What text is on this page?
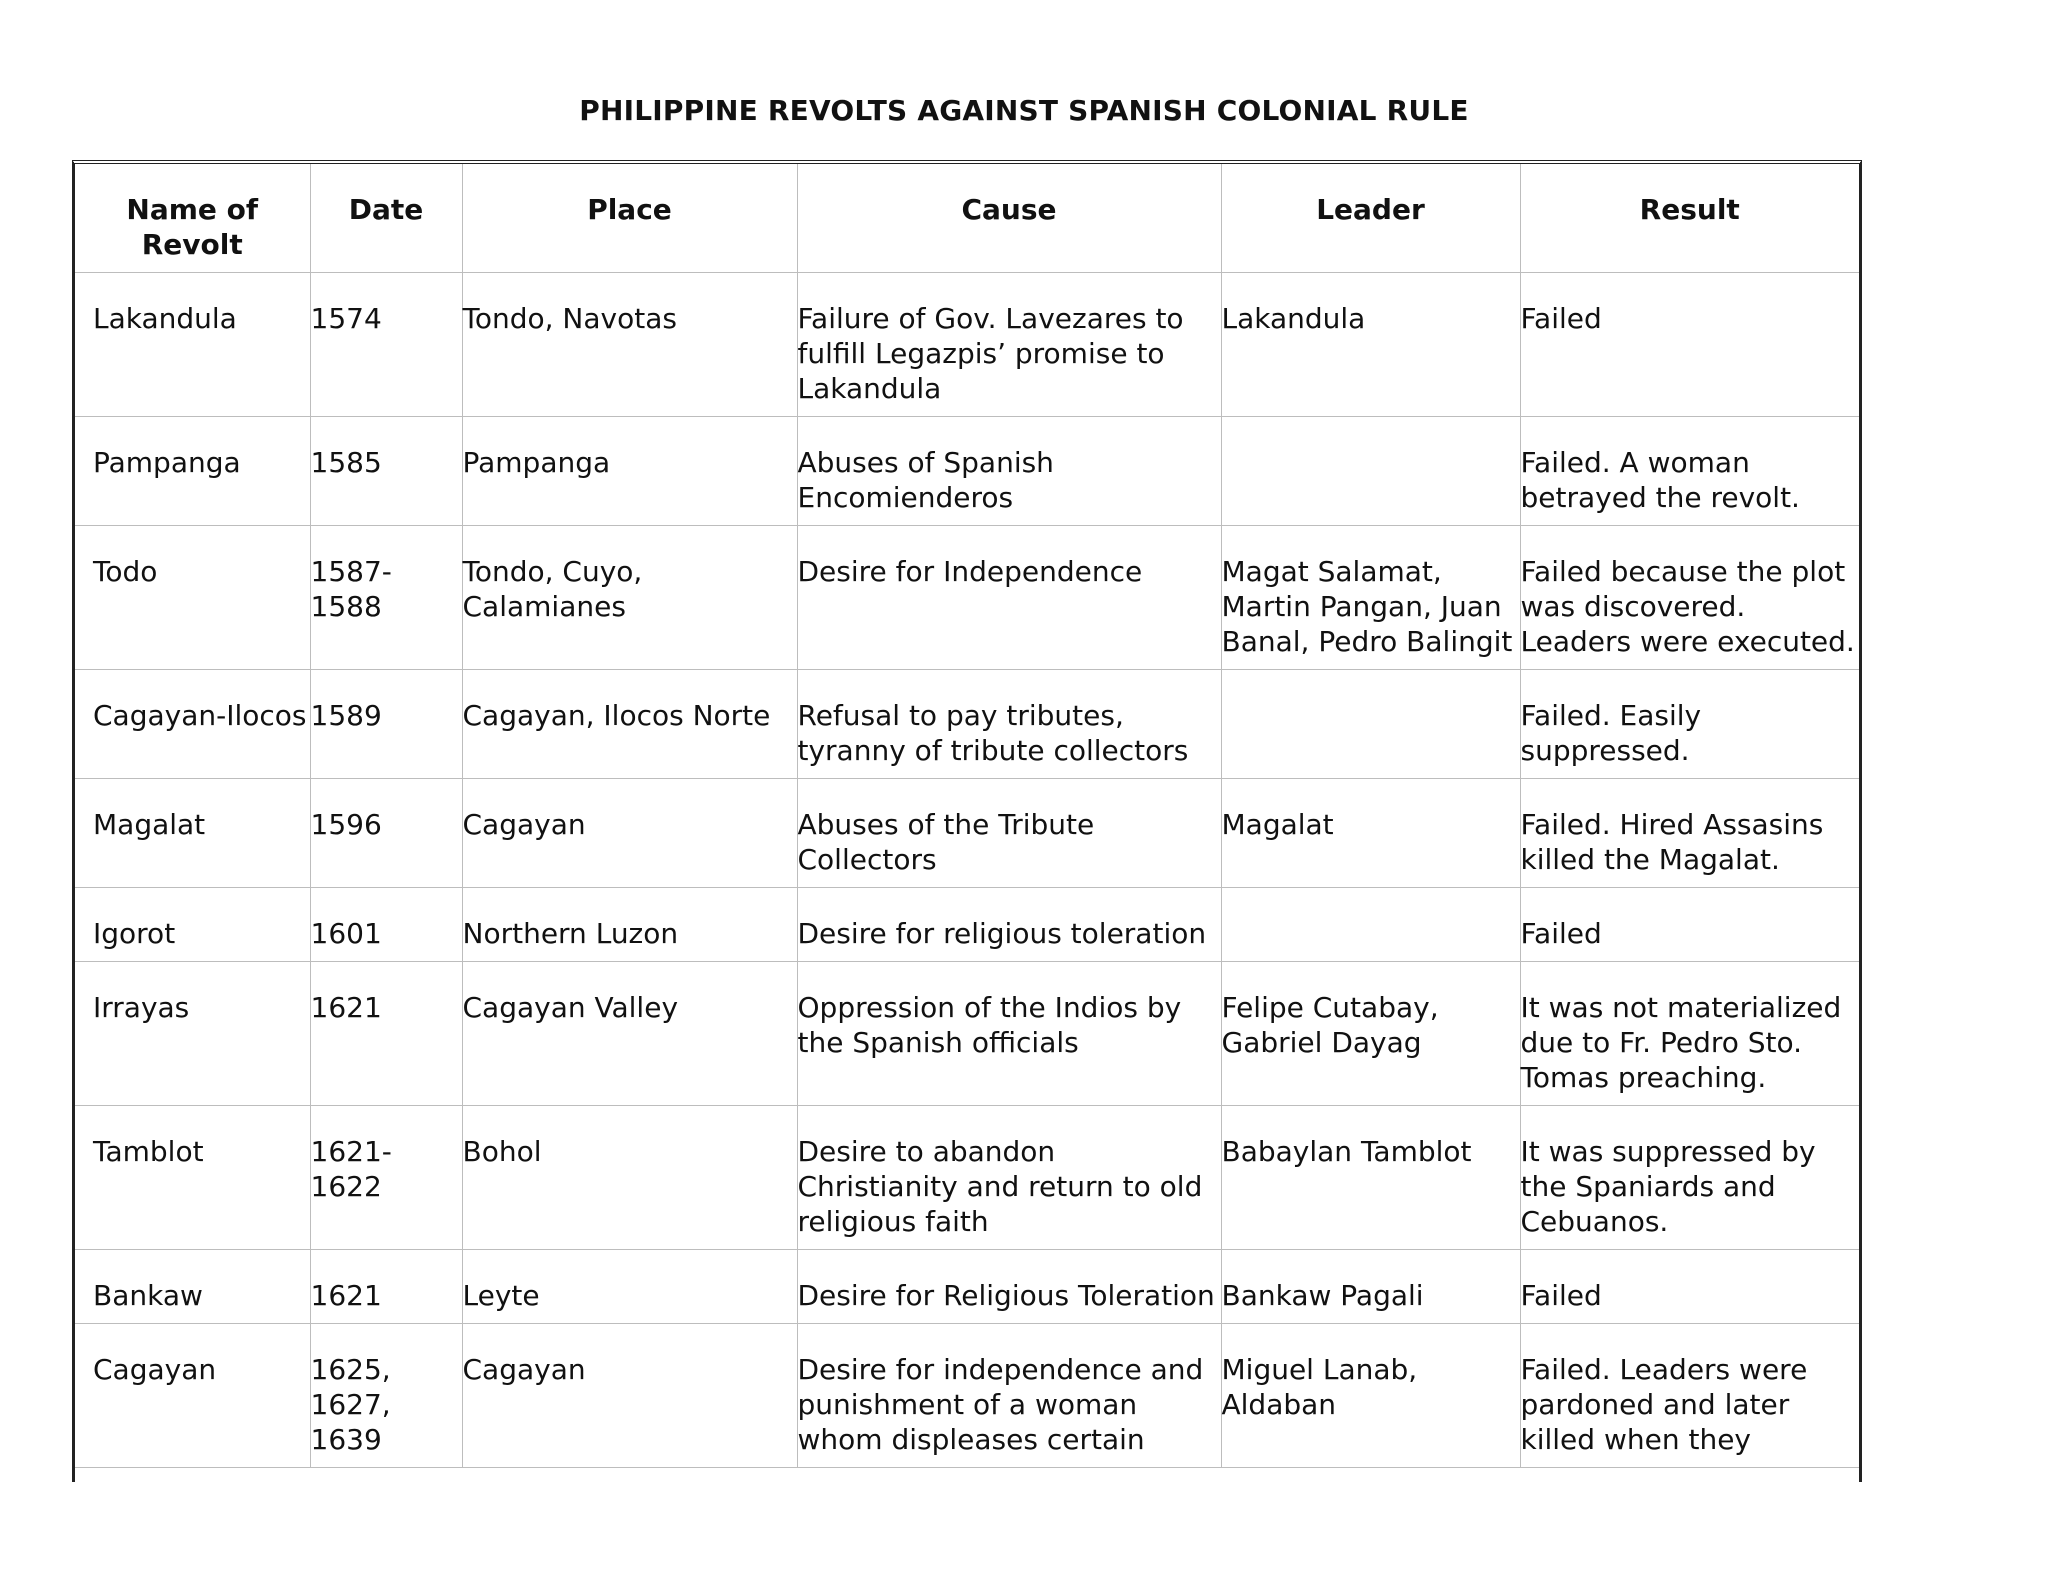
PHILIPPINE REVOLTS AGAINST SPANISH COLONIAL RULE
Name of Revolt	Date	Place	Cause	Leader	Result
Lakandula	1574	Tondo, Navotas	Failure of Gov. Lavezares to fulfill Legazpis’ promise to Lakandula	Lakandula	Failed
Pampanga	1585	Pampanga	Abuses of Spanish Encomienderos		Failed. A woman betrayed the revolt.
Todo	1587-1588	Tondo, Cuyo, Calamianes	Desire for Independence	Magat Salamat, Martin Pangan, Juan Banal, Pedro Balingit	Failed because the plot was discovered. Leaders were executed.
Cagayan-Ilocos	1589	Cagayan, Ilocos Norte	Refusal to pay tributes, tyranny of tribute collectors		Failed. Easily suppressed.
Magalat	1596	Cagayan	Abuses of the Tribute Collectors	Magalat	Failed. Hired Assasins killed the Magalat.
Igorot	1601	Northern Luzon	Desire for religious toleration		Failed
Irrayas	1621	Cagayan Valley	Oppression of the Indios by the Spanish officials	Felipe Cutabay, Gabriel Dayag	It was not materialized due to Fr. Pedro Sto. Tomas preaching.
Tamblot	1621-1622	Bohol	Desire to abandon Christianity and return to old religious faith	Babaylan Tamblot	It was suppressed by the Spaniards and Cebuanos.
Bankaw	1621	Leyte	Desire for Religious Toleration	Bankaw Pagali	Failed
Cagayan	1625, 1627, 1639	Cagayan	Desire for independence and punishment of a woman whom displeases certain	Miguel Lanab, Aldaban	Failed. Leaders were pardoned and later killed when they
